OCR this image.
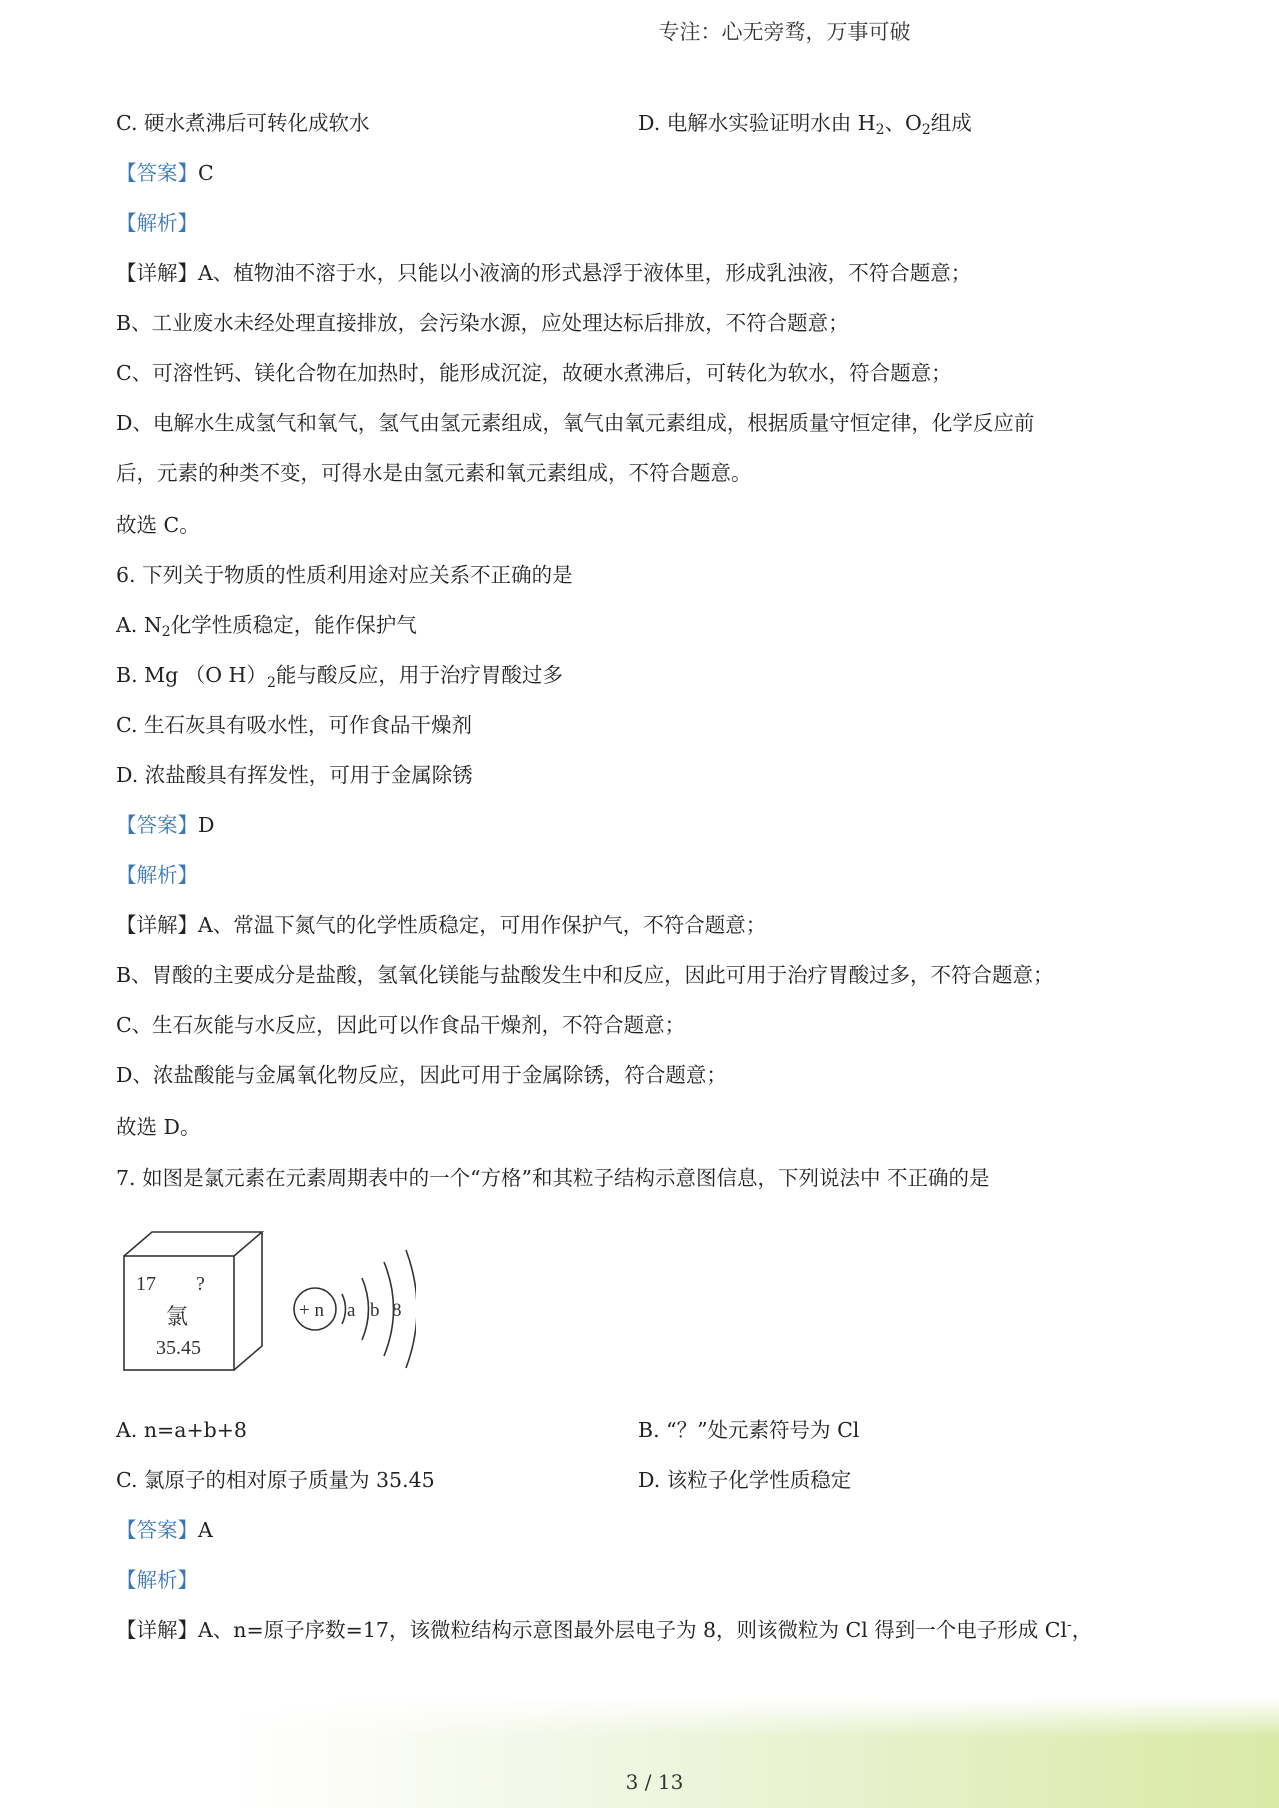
专注：心无旁骛，万事可破
C. 硬水煮沸后可转化成软水	D. 电解水实验证明水由 $H_2$、$O_2$组成
【答案】C
【解析】
【详解】A、植物油不溶于水，只能以小液滴的形式悬浮于液体里，形成乳浊液，不符合题意；
B、工业废水未经处理直接排放，会污染水源，应处理达标后排放，不符合题意；
C、可溶性钙、镁化合物在加热时，能形成沉淀，故硬水煮沸后，可转化为软水，符合题意；
D、电解水生成氢气和氧气，氢气由氢元素组成，氧气由氧元素组成，根据质量守恒定律，化学反应前
后，元素的种类不变，可得水是由氢元素和氧元素组成，不符合题意。
故选 C。
6. 下列关于物质的性质利用途对应关系不正确的是
A. $N_2$化学性质稳定，能作保护气
B. Mg （O $H)_2$能与酸反应，用于治疗胃酸过多
C. 生石灰具有吸水性，可作食品干燥剂
D. 浓盐酸具有挥发性，可用于金属除锈
【答案】D
【解析】
【详解】A、常温下氮气的化学性质稳定，可用作保护气，不符合题意；
B、胃酸的主要成分是盐酸，氢氧化镁能与盐酸发生中和反应，因此可用于治疗胃酸过多，不符合题意；
C、生石灰能与水反应，因此可以作食品干燥剂，不符合题意；
D、浓盐酸能与金属氧化物反应，因此可用于金属除锈，符合题意；
故选 D。
7. 如图是氯元素在元素周期表中的一个“方格”和其粒子结构示意图信息，下列说法中 不正确的是
17 ?
氯
35.45
+ n a b 8
A. n=a+b+8	B. “？”处元素符号为 Cl
C. 氯原子的相对原子质量为 35.45	D. 该粒子化学性质稳定
【答案】A
【解析】
【详解】A、n=原子序数=17，该微粒结构示意图最外层电子为 8，则该微粒为 Cl 得到一个电子形成 Cl-，
3 / 13
